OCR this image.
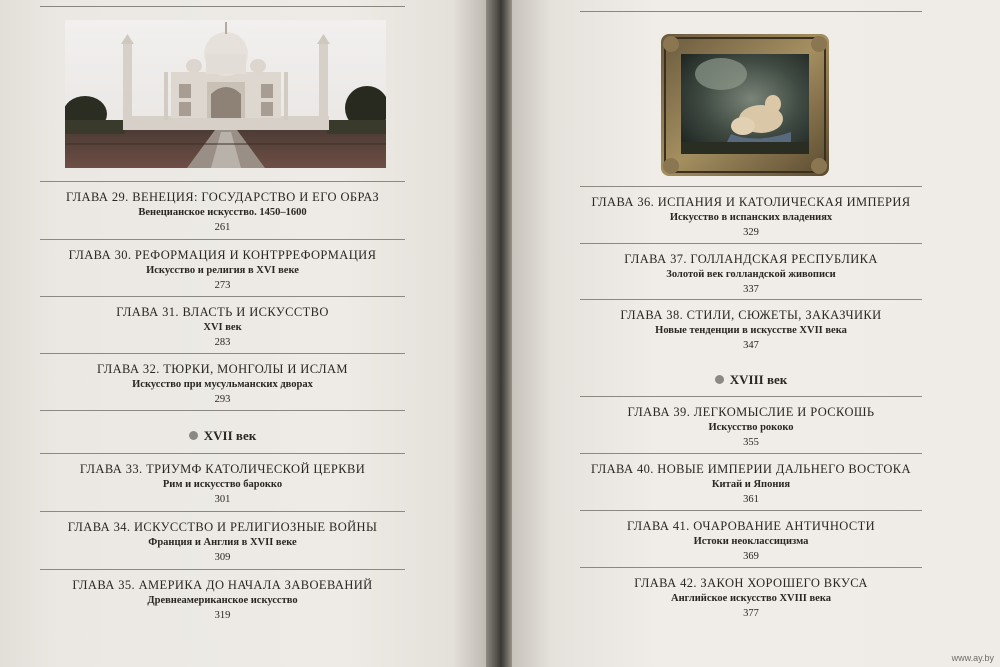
ГЛАВА 29. ВЕНЕЦИЯ: ГОСУДАРСТВО И ЕГО ОБРАЗ
Венецианское искусство. 1450–1600
261
ГЛАВА 30. РЕФОРМАЦИЯ И КОНТРРЕФОРМАЦИЯ
Искусство и религия в XVI веке
273
ГЛАВА 31. ВЛАСТЬ И ИСКУССТВО
XVI век
283
ГЛАВА 32. ТЮРКИ, МОНГОЛЫ И ИСЛАМ
Искусство при мусульманских дворах
293
XVII век
ГЛАВА 33. ТРИУМФ КАТОЛИЧЕСКОЙ ЦЕРКВИ
Рим и искусство барокко
301
ГЛАВА 34. ИСКУССТВО И РЕЛИГИОЗНЫЕ ВОЙНЫ
Франция и Англия в XVII веке
309
ГЛАВА 35. АМЕРИКА ДО НАЧАЛА ЗАВОЕВАНИЙ
Древнеамериканское искусство
319
ГЛАВА 36. ИСПАНИЯ И КАТОЛИЧЕСКАЯ ИМПЕРИЯ
Искусство в испанских владениях
329
ГЛАВА 37. ГОЛЛАНДСКАЯ РЕСПУБЛИКА
Золотой век голландской живописи
337
ГЛАВА 38. СТИЛИ, СЮЖЕТЫ, ЗАКАЗЧИКИ
Новые тенденции в искусстве XVII века
347
XVIII век
ГЛАВА 39. ЛЕГКОМЫСЛИЕ И РОСКОШЬ
Искусство рококо
355
ГЛАВА 40. НОВЫЕ ИМПЕРИИ ДАЛЬНЕГО ВОСТОКА
Китай и Япония
361
ГЛАВА 41. ОЧАРОВАНИЕ АНТИЧНОСТИ
Истоки неоклассицизма
369
ГЛАВА 42. ЗАКОН ХОРОШЕГО ВКУСА
Английское искусство XVIII века
377
www.ay.by
